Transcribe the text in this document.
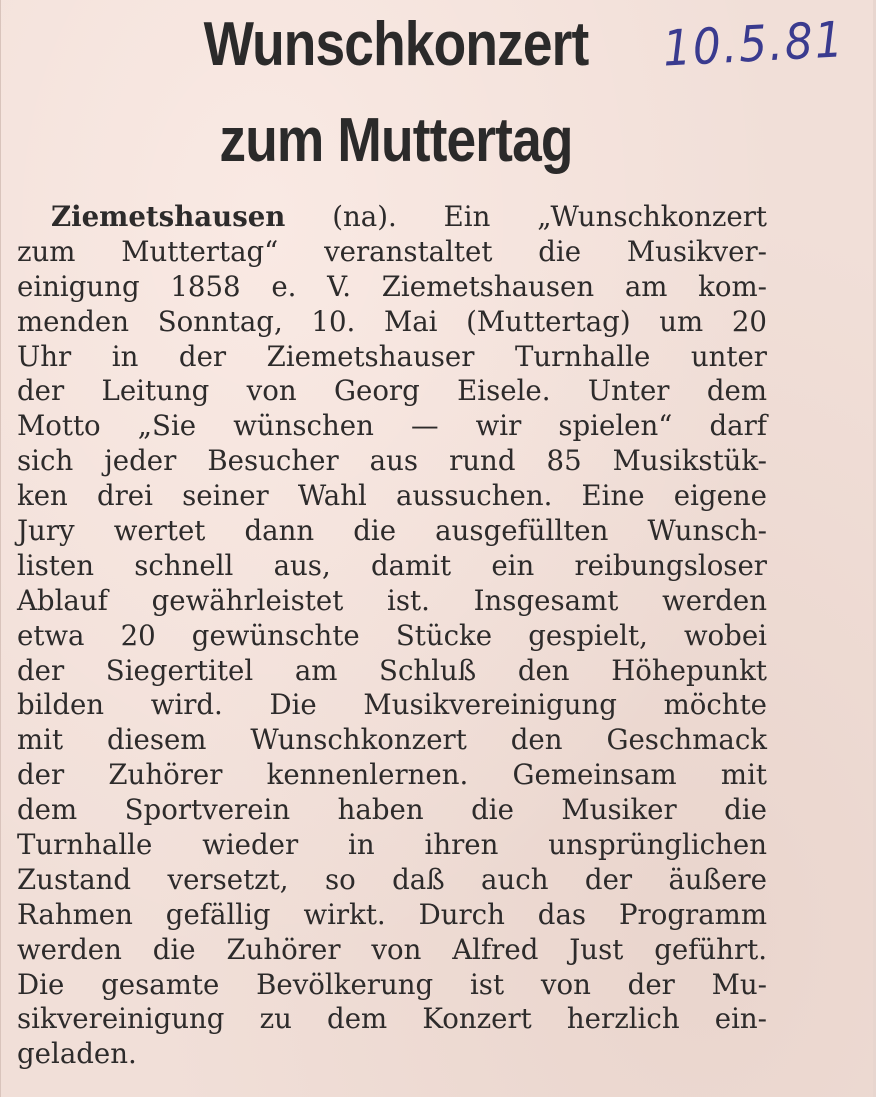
Wunschkonzert
zum Muttertag
10.5.81
Ziemetshausen (na). Ein „Wunschkonzert
zum Muttertag“ veranstaltet die Musikver-
einigung 1858 e. V. Ziemetshausen am kom-
menden Sonntag, 10. Mai (Muttertag) um 20
Uhr in der Ziemetshauser Turnhalle unter
der Leitung von Georg Eisele. Unter dem
Motto „Sie wünschen — wir spielen“ darf
sich jeder Besucher aus rund 85 Musikstük-
ken drei seiner Wahl aussuchen. Eine eigene
Jury wertet dann die ausgefüllten Wunsch-
listen schnell aus, damit ein reibungsloser
Ablauf gewährleistet ist. Insgesamt werden
etwa 20 gewünschte Stücke gespielt, wobei
der Siegertitel am Schluß den Höhepunkt
bilden wird. Die Musikvereinigung möchte
mit diesem Wunschkonzert den Geschmack
der Zuhörer kennenlernen. Gemeinsam mit
dem Sportverein haben die Musiker die
Turnhalle wieder in ihren unsprünglichen
Zustand versetzt, so daß auch der äußere
Rahmen gefällig wirkt. Durch das Programm
werden die Zuhörer von Alfred Just geführt.
Die gesamte Bevölkerung ist von der Mu-
sikvereinigung zu dem Konzert herzlich ein-
geladen.
